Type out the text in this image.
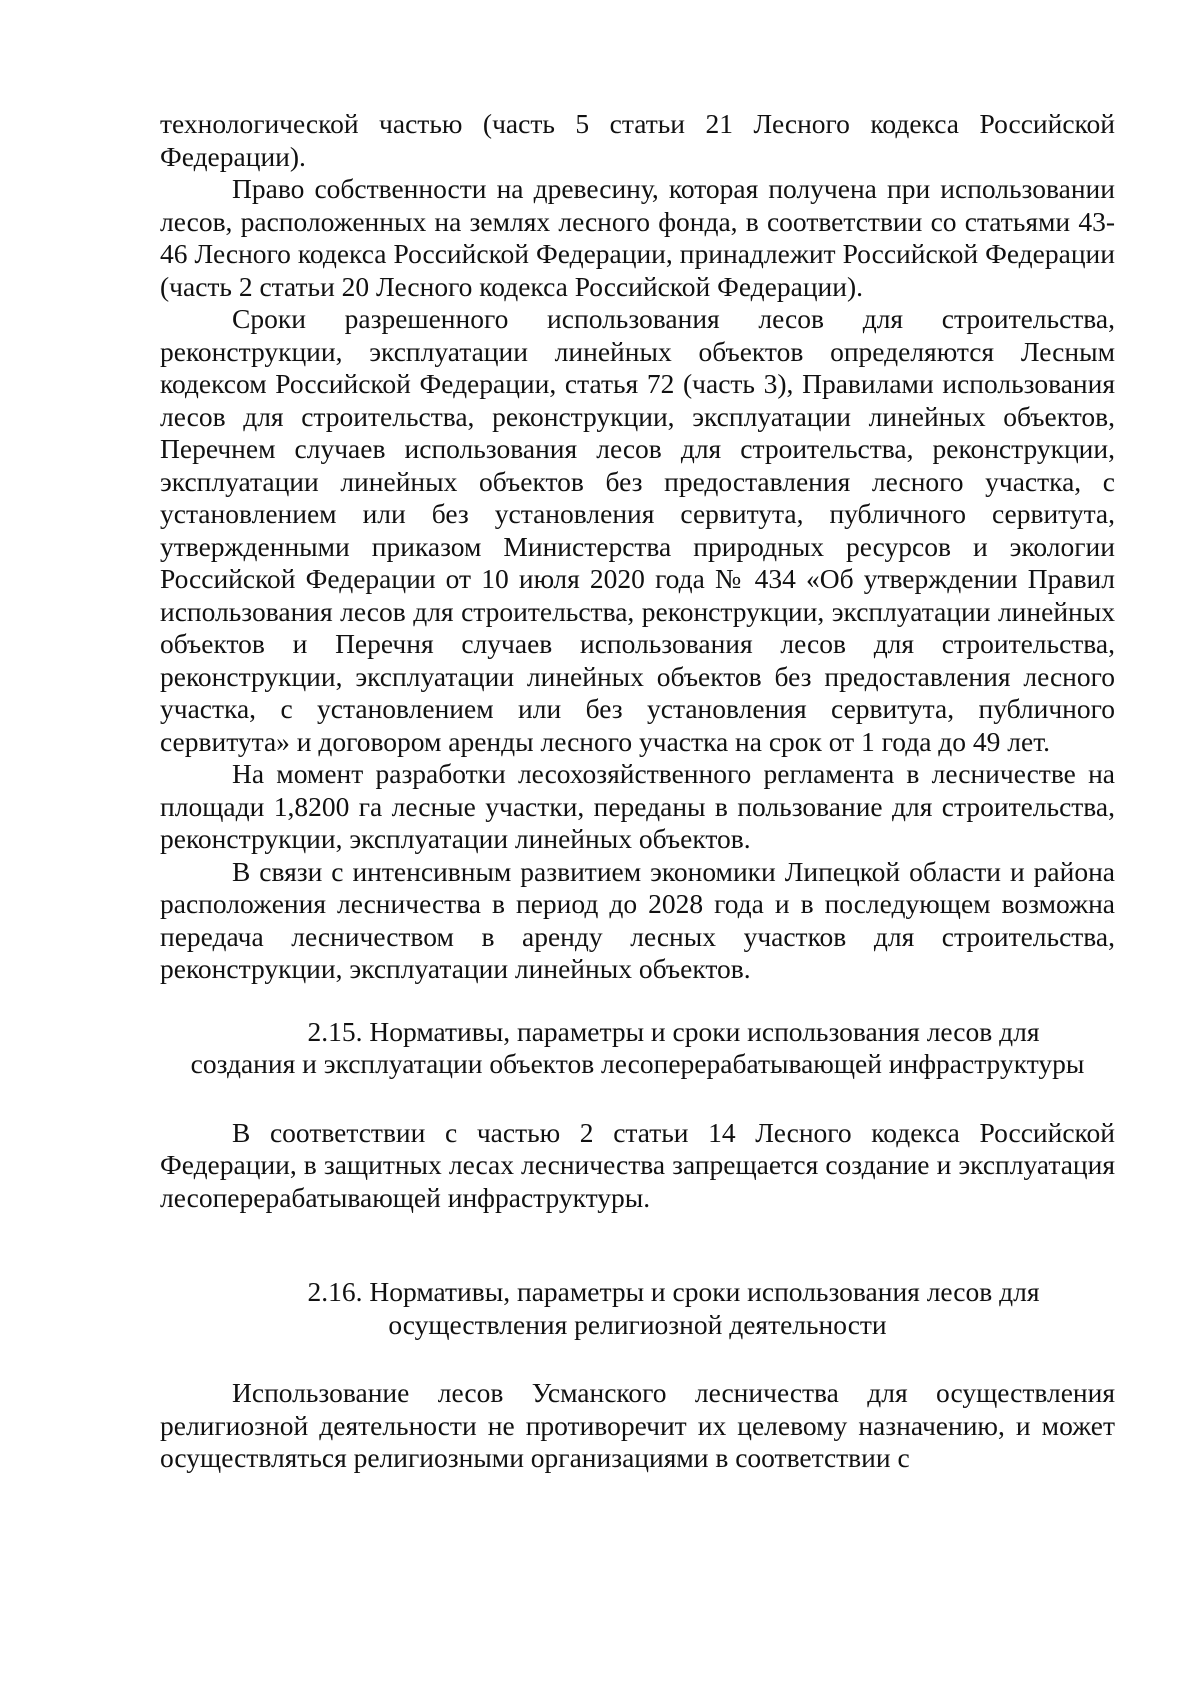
технологической частью (часть 5 статьи 21 Лесного кодекса Российской Федерации).

Право собственности на древесину, которая получена при использовании лесов, расположенных на землях лесного фонда, в соответствии со статьями 43-46 Лесного кодекса Российской Федерации, принадлежит Российской Федерации (часть 2 статьи 20 Лесного кодекса Российской Федерации).

Сроки разрешенного использования лесов для строительства, реконструкции, эксплуатации линейных объектов определяются Лесным кодексом Российской Федерации, статья 72 (часть 3), Правилами использования лесов для строительства, реконструкции, эксплуатации линейных объектов, Перечнем случаев использования лесов для строительства, реконструкции, эксплуатации линейных объектов без предоставления лесного участка, с установлением или без установления сервитута, публичного сервитута, утвержденными приказом Министерства природных ресурсов и экологии Российской Федерации от 10 июля 2020 года № 434 «Об утверждении Правил использования лесов для строительства, реконструкции, эксплуатации линейных объектов и Перечня случаев использования лесов для строительства, реконструкции, эксплуатации линейных объектов без предоставления лесного участка, с установлением или без установления сервитута, публичного сервитута» и договором аренды лесного участка на срок от 1 года до 49 лет.

На момент разработки лесохозяйственного регламента в лесничестве на площади 1,8200 га лесные участки, переданы в пользование для строительства, реконструкции, эксплуатации линейных объектов.

В связи с интенсивным развитием экономики Липецкой области и района расположения лесничества в период до 2028 года и в последующем возможна передача лесничеством в аренду лесных участков для строительства, реконструкции, эксплуатации линейных объектов.

2.15. Нормативы, параметры и сроки использования лесов для
создания и эксплуатации объектов лесоперерабатывающей инфраструктуры

В соответствии с частью 2 статьи 14 Лесного кодекса Российской Федерации, в защитных лесах лесничества запрещается создание и эксплуатация лесоперерабатывающей инфраструктуры.

2.16. Нормативы, параметры и сроки использования лесов для
осуществления религиозной деятельности

Использование лесов Усманского лесничества для осуществления религиозной деятельности не противоречит их целевому назначению, и может осуществляться религиозными организациями в соответствии с
